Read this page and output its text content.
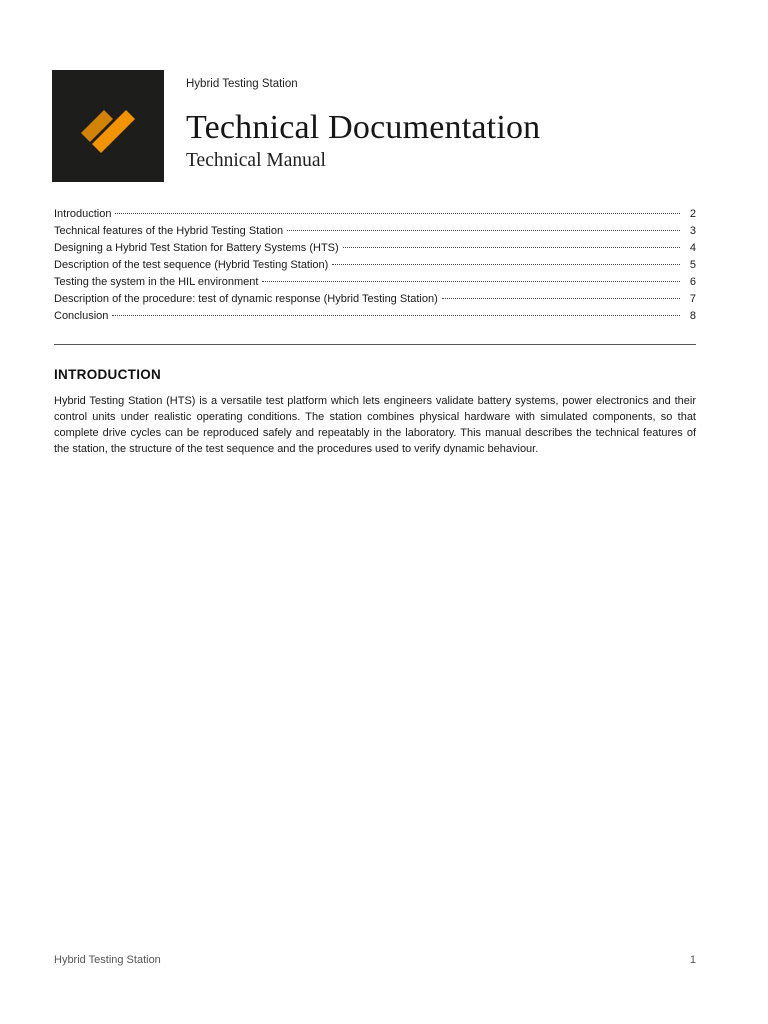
Hybrid Testing Station
Technical Documentation
Technical Manual
Introduction	2
Technical features of the Hybrid Testing Station	3
Designing a Hybrid Test Station for Battery Systems (HTS)	4
Description of the test sequence (Hybrid Testing Station)	5
Testing the system in the HIL environment	6
Description of the procedure: test of dynamic response (Hybrid Testing Station)	7
Conclusion	8
INTRODUCTION
Hybrid Testing Station (HTS) is a versatile test platform which lets engineers validate battery systems, power electronics and their control units under realistic operating conditions. The station combines physical hardware with simulated components, so that complete drive cycles can be reproduced safely and repeatably in the laboratory. This manual describes the technical features of the station, the structure of the test sequence and the procedures used to verify dynamic behaviour.
Hybrid Testing Station	1
